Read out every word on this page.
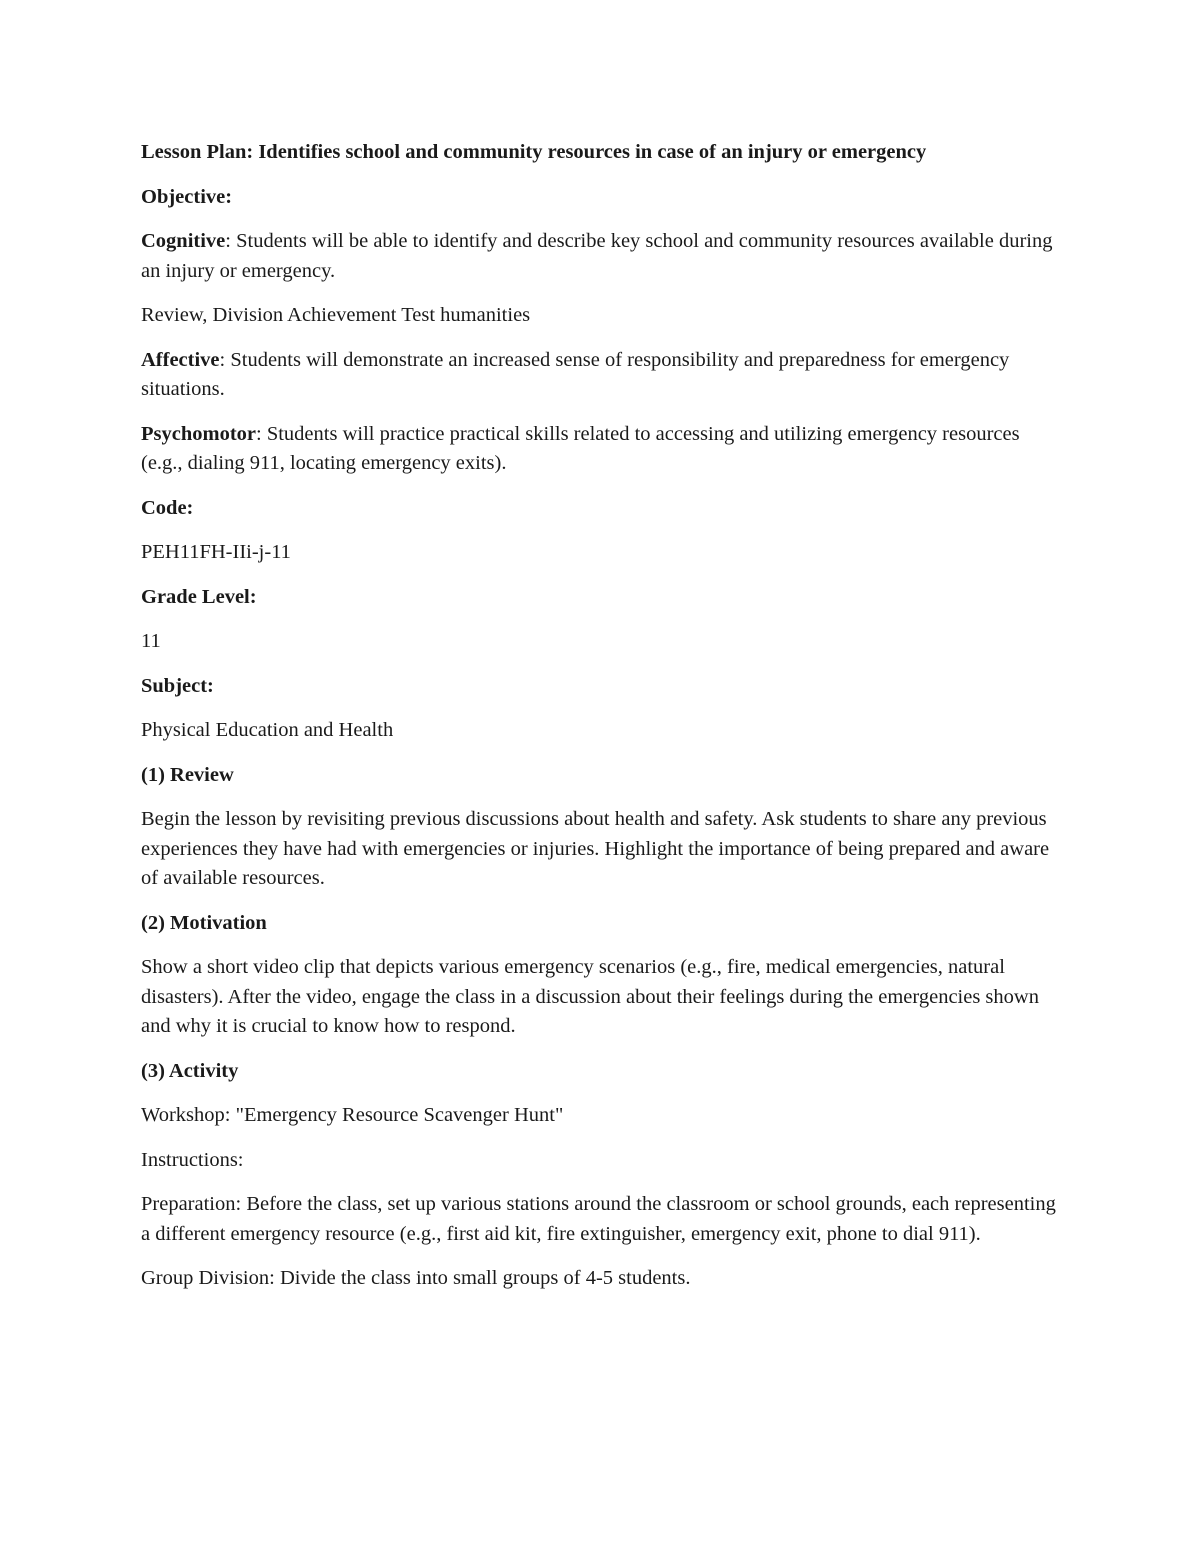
Lesson Plan: Identifies school and community resources in case of an injury or emergency

Objective:

Cognitive: Students will be able to identify and describe key school and community resources available during an injury or emergency.

Review, Division Achievement Test humanities

Affective: Students will demonstrate an increased sense of responsibility and preparedness for emergency situations.

Psychomotor: Students will practice practical skills related to accessing and utilizing emergency resources (e.g., dialing 911, locating emergency exits).

Code:

PEH11FH-IIi-j-11

Grade Level:

11

Subject:

Physical Education and Health

(1) Review

Begin the lesson by revisiting previous discussions about health and safety. Ask students to share any previous experiences they have had with emergencies or injuries. Highlight the importance of being prepared and aware of available resources.

(2) Motivation

Show a short video clip that depicts various emergency scenarios (e.g., fire, medical emergencies, natural disasters). After the video, engage the class in a discussion about their feelings during the emergencies shown and why it is crucial to know how to respond.

(3) Activity

Workshop: "Emergency Resource Scavenger Hunt"

Instructions:

Preparation: Before the class, set up various stations around the classroom or school grounds, each representing a different emergency resource (e.g., first aid kit, fire extinguisher, emergency exit, phone to dial 911).

Group Division: Divide the class into small groups of 4-5 students.
